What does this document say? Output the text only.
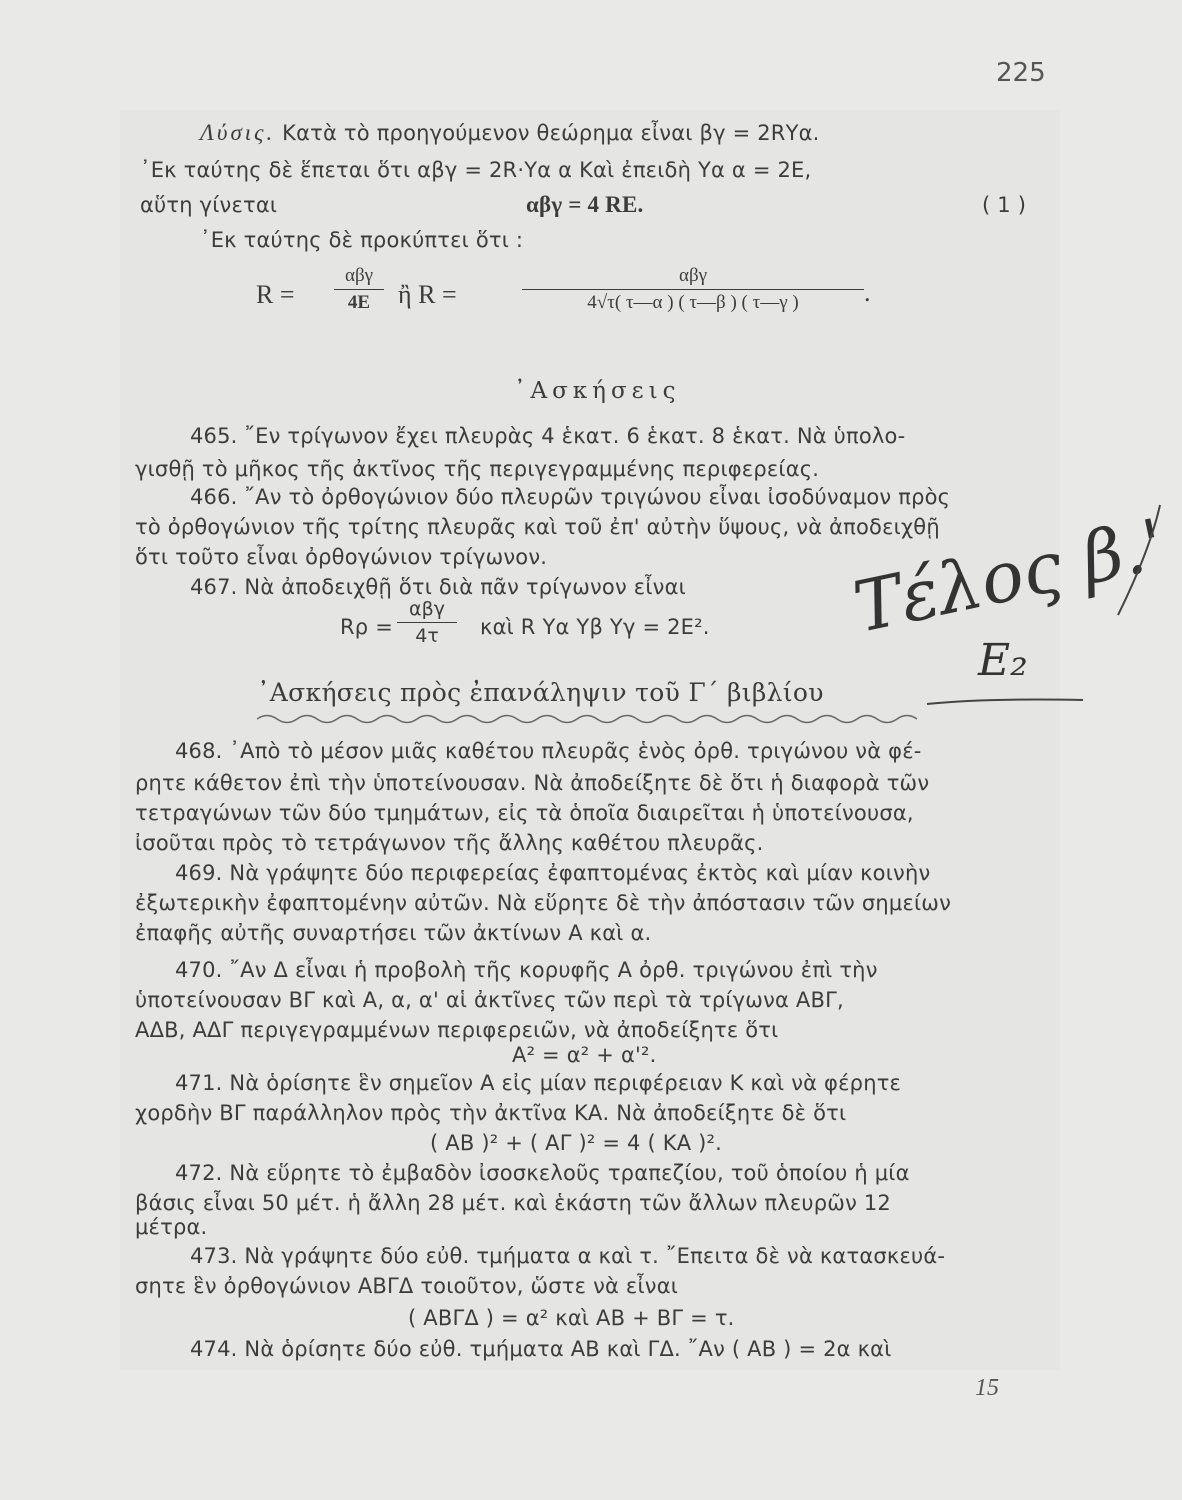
225
Λύσις. Κατὰ τὸ προηγούμενον θεώρημα εἶναι βγ = 2RΥα.
᾿Εκ ταύτης δὲ ἕπεται ὅτι αβγ = 2R·Υα α Καὶ ἐπειδὴ Υα α = 2Ε,
αὕτη γίνεται	αβγ = 4 RE.	( 1 )
᾿Εκ ταύτης δὲ προκύπτει ὅτι :
R =
αβγ
4E	ἢ R =
αβγ
4√τ( τ—α ) ( τ—β ) ( τ—γ )	.
᾿Ασκήσεις
465. ῎Εν τρίγωνον ἔχει πλευρὰς 4 ἑκατ. 6 ἑκατ. 8 ἑκατ. Νὰ ὑπολο-
γισθῇ τὸ μῆκος τῆς ἀκτῖνος τῆς περιγεγραμμένης περιφερείας.
466. ῎Αν τὸ ὀρθογώνιον δύο πλευρῶν τριγώνου εἶναι ἰσοδύναμον πρὸς
τὸ ὀρθογώνιον τῆς τρίτης πλευρᾶς καὶ τοῦ ἐπ' αὐτὴν ὕψους, νὰ ἀποδειχθῇ
ὅτι τοῦτο εἶναι ὀρθογώνιον τρίγωνον.
467. Νὰ ἀποδειχθῇ ὅτι διὰ πᾶν τρίγωνον εἶναι
Rρ =
αβγ
4τ	καὶ R Υα Υβ Υγ = 2Ε². Τέλος β.'
Ε₂
᾿Ασκήσεις πρὸς ἐπανάληψιν τοῦ Γ΄ βιβλίου
468. ᾿Απὸ τὸ μέσον μιᾶς καθέτου πλευρᾶς ἑνὸς ὀρθ. τριγώνου νὰ φέ-
ρητε κάθετον ἐπὶ τὴν ὑποτείνουσαν. Νὰ ἀποδείξητε δὲ ὅτι ἡ διαφορὰ τῶν
τετραγώνων τῶν δύο τμημάτων, εἰς τὰ ὁποῖα διαιρεῖται ἡ ὑποτείνουσα,
ἰσοῦται πρὸς τὸ τετράγωνον τῆς ἄλλης καθέτου πλευρᾶς.
469. Νὰ γράψητε δύο περιφερείας ἐφαπτομένας ἐκτὸς καὶ μίαν κοινὴν
ἐξωτερικὴν ἐφαπτομένην αὐτῶν. Νὰ εὕρητε δὲ τὴν ἀπόστασιν τῶν σημείων
ἐπαφῆς αὐτῆς συναρτήσει τῶν ἀκτίνων Α καὶ α.
470. ῎Αν Δ εἶναι ἡ προβολὴ τῆς κορυφῆς Α ὀρθ. τριγώνου ἐπὶ τὴν
ὑποτείνουσαν ΒΓ καὶ Α, α, α' αἱ ἀκτῖνες τῶν περὶ τὰ τρίγωνα ΑΒΓ,
ΑΔΒ, ΑΔΓ περιγεγραμμένων περιφερειῶν, νὰ ἀποδείξητε ὅτι
Α² = α² + α'².
471. Νὰ ὁρίσητε ἓν σημεῖον Α εἰς μίαν περιφέρειαν Κ καὶ νὰ φέρητε
χορδὴν ΒΓ παράλληλον πρὸς τὴν ἀκτῖνα ΚΑ. Νὰ ἀποδείξητε δὲ ὅτι
( ΑΒ )² + ( ΑΓ )² = 4 ( ΚΑ )².
472. Νὰ εὕρητε τὸ ἐμβαδὸν ἰσοσκελοῦς τραπεζίου, τοῦ ὁποίου ἡ μία
βάσις εἶναι 50 μέτ. ἡ ἄλλη 28 μέτ. καὶ ἑκάστη τῶν ἄλλων πλευρῶν 12
μέτρα.
473. Νὰ γράψητε δύο εὐθ. τμήματα α καὶ τ. ῎Επειτα δὲ νὰ κατασκευά-
σητε ἓν ὀρθογώνιον ΑΒΓΔ τοιοῦτον, ὥστε νὰ εἶναι
( ΑΒΓΔ ) = α² καὶ ΑΒ + ΒΓ = τ.
474. Νὰ ὁρίσητε δύο εὐθ. τμήματα ΑΒ καὶ ΓΔ. ῎Αν ( ΑΒ ) = 2α καὶ
15
